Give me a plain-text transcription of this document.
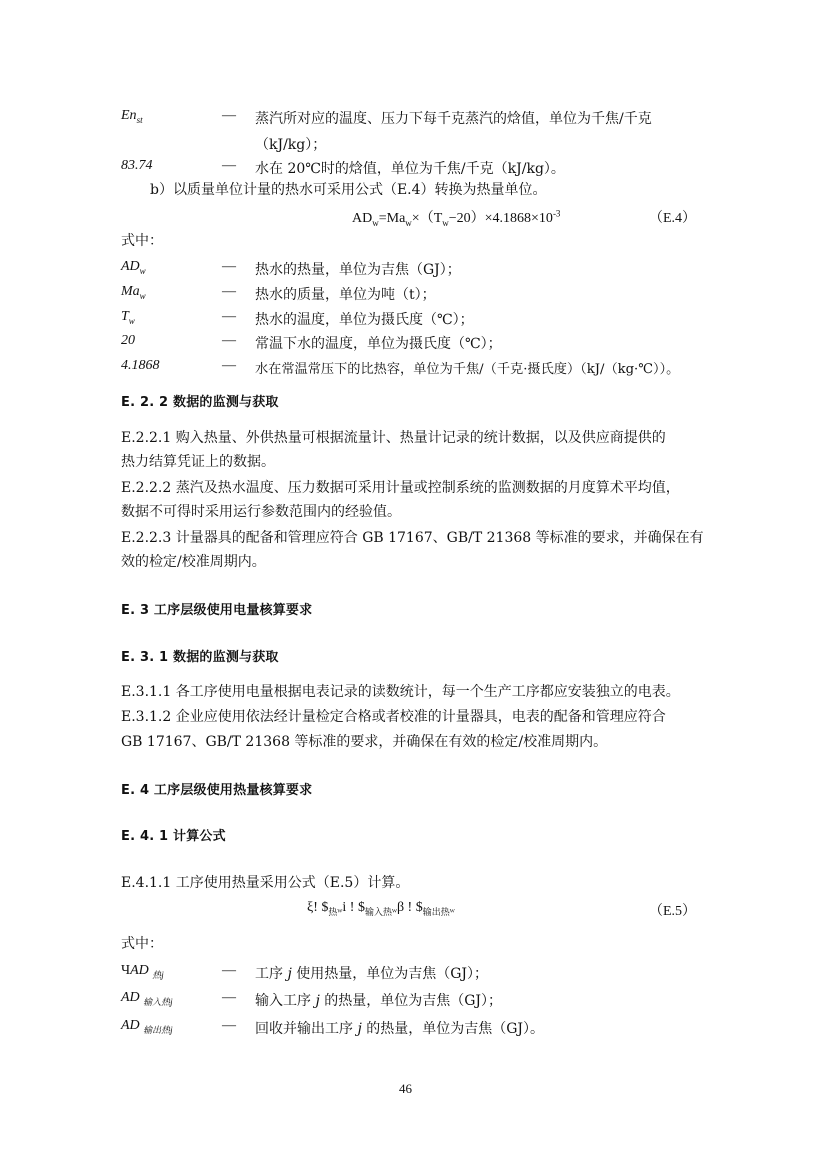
$En_{st}$	— 蒸汽所对应的温度、压力下每千克蒸汽的焓值，单位为千焦/千克
（kJ/kg）；
83.74	— 水在 20℃时的焓值，单位为千焦/千克（kJ/kg）。
b）以质量单位计量的热水可采用公式（E.4）转换为热量单位。
$AD_w=Ma_w\times(T_w-20)\times 4.1868\times 10^{-3}$	（E.4）
式中：
$AD_w$	— 热水的热量，单位为吉焦（GJ）；
$Ma_w$	— 热水的质量，单位为吨（t）；
$T_w$	— 热水的温度，单位为摄氏度（℃）；
20	— 常温下水的温度，单位为摄氏度（℃）；
4.1868	— 水在常温常压下的比热容，单位为千焦/（千克·摄氏度）（kJ/（kg·℃））。
E. 2. 2 数据的监测与获取
E.2.2.1 购入热量、外供热量可根据流量计、热量计记录的统计数据，以及供应商提供的
热力结算凭证上的数据。
E.2.2.2 蒸汽及热水温度、压力数据可采用计量或控制系统的监测数据的月度算术平均值，
数据不可得时采用运行参数范围内的经验值。
E.2.2.3 计量器具的配备和管理应符合 GB 17167、GB/T 21368 等标准的要求，并确保在有
效的检定/校准周期内。
E. 3 工序层级使用电量核算要求
E. 3. 1 数据的监测与获取
E.3.1.1 各工序使用电量根据电表记录的读数统计，每一个生产工序都应安装独立的电表。
E.3.1.2 企业应使用依法经计量检定合格或者校准的计量器具，电表的配备和管理应符合
GB 17167、GB/T 21368 等标准的要求，并确保在有效的检定/校准周期内。
E. 4 工序层级使用热量核算要求
E. 4. 1 计算公式
E.4.1.1 工序使用热量采用公式（E.5）计算。
ξ! $\$_{热ᵂ}i$ ! $\$_{输入热ᵂ}\beta$ ! $\$_{输出热ᵂ}$	（E.5）
式中：
ЧAD $_{热j}$	— 工序 j 使用热量，单位为吉焦（GJ）；
AD $_{输入热j}$	— 输入工序 j 的热量，单位为吉焦（GJ）；
AD $_{输出热j}$	— 回收并输出工序 j 的热量，单位为吉焦（GJ）。
46
